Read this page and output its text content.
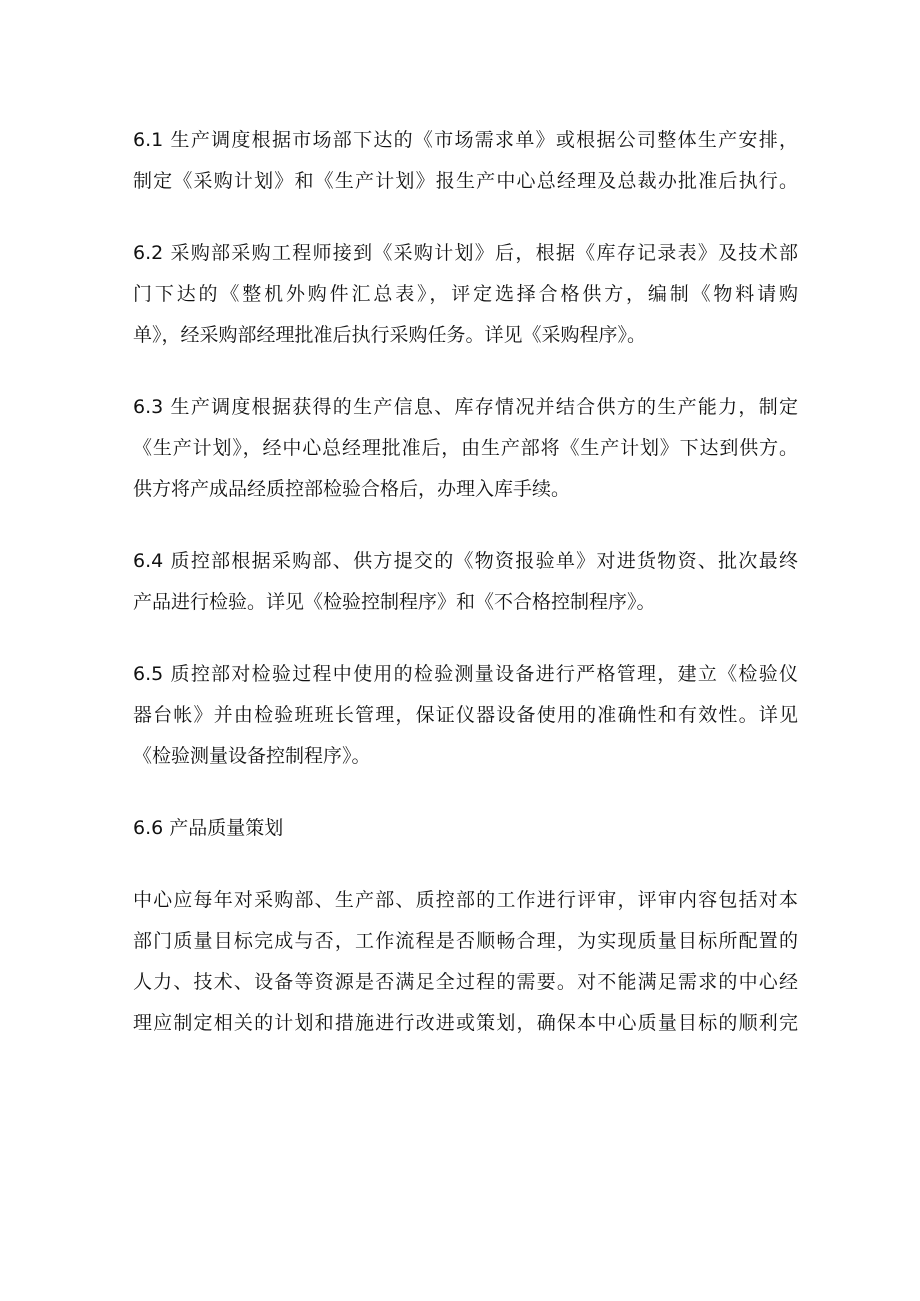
6.1 生产调度根据市场部下达的《市场需求单》或根据公司整体生产安排，
制定《采购计划》和《生产计划》报生产中心总经理及总裁办批准后执行。
6.2 采购部采购工程师接到《采购计划》后，根据《库存记录表》及技术部
门下达的《整机外购件汇总表》，评定选择合格供方，编制《物料请购
单》，经采购部经理批准后执行采购任务。详见《采购程序》。
6.3 生产调度根据获得的生产信息、库存情况并结合供方的生产能力，制定
《生产计划》，经中心总经理批准后，由生产部将《生产计划》下达到供方。
供方将产成品经质控部检验合格后，办理入库手续。
6.4 质控部根据采购部、供方提交的《物资报验单》对进货物资、批次最终
产品进行检验。详见《检验控制程序》和《不合格控制程序》。
6.5 质控部对检验过程中使用的检验测量设备进行严格管理，建立《检验仪
器台帐》并由检验班班长管理，保证仪器设备使用的准确性和有效性。详见
《检验测量设备控制程序》。
6.6 产品质量策划
中心应每年对采购部、生产部、质控部的工作进行评审，评审内容包括对本
部门质量目标完成与否，工作流程是否顺畅合理，为实现质量目标所配置的
人力、技术、设备等资源是否满足全过程的需要。对不能满足需求的中心经
理应制定相关的计划和措施进行改进或策划，确保本中心质量目标的顺利完
